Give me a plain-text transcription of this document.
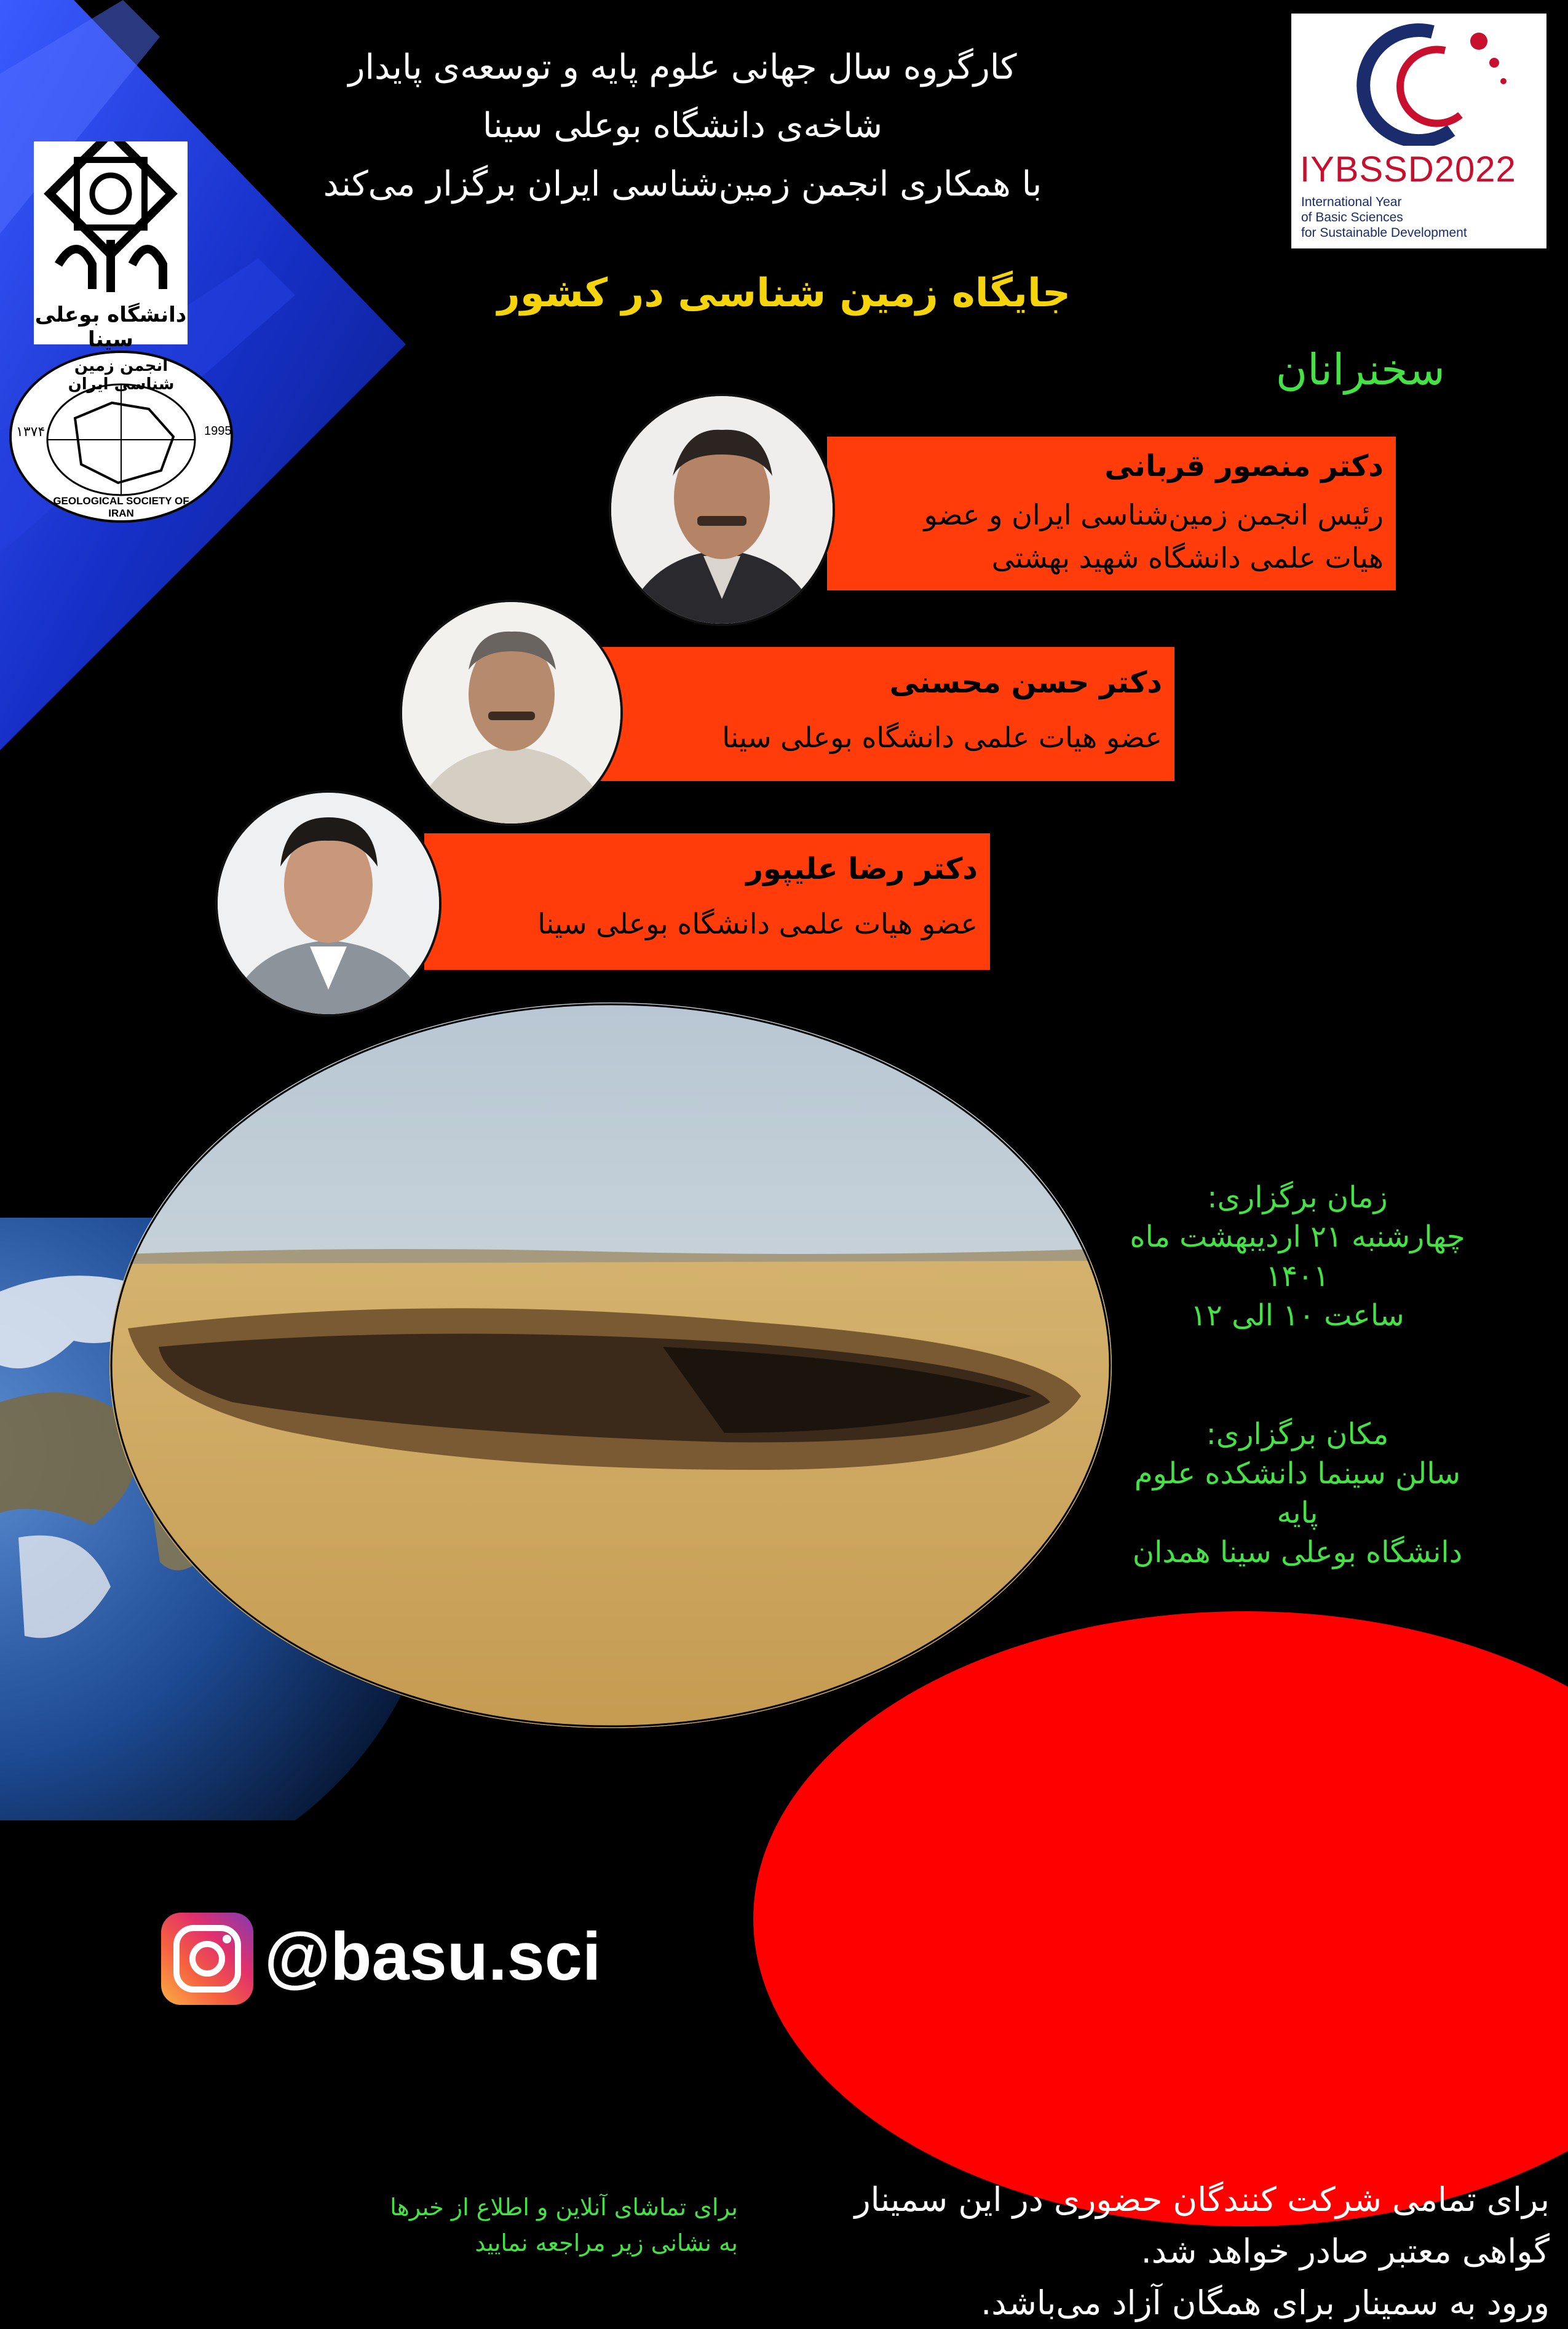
دانشگاه بوعلی سینا
انجمن زمین شناسی ایران
GEOLOGICAL SOCIETY OF IRAN
۱۳۷۴	1995
IYBSSD2022
International Year
of Basic Sciences
for Sustainable Development
کارگروه سال جهانی علوم پایه و توسعه‌ی پایدار
شاخه‌ی دانشگاه بوعلی سینا
با همکاری انجمن زمین‌شناسی ایران برگزار می‌کند
جایگاه زمین شناسی در کشور
سخنرانان
دکتر منصور قربانی
رئیس انجمن زمین‌شناسی ایران و عضو
هیات علمی دانشگاه شهید بهشتی
دکتر حسن محسنی
عضو هیات علمی دانشگاه بوعلی سینا
دکتر رضا علیپور
عضو هیات علمی دانشگاه بوعلی سینا
زمان برگزاری:
چهارشنبه ۲۱ اردیبهشت ماه ۱۴۰۱
ساعت ۱۰ الی ۱۲
مکان برگزاری:
سالن سینما دانشکده علوم پایه
دانشگاه بوعلی سینا همدان
برای تمامی شرکت کنندگان حضوری در این سمینار
گواهی معتبر صادر خواهد شد.
ورود به سمینار برای همگان آزاد می‌باشد.
برای تماشای آنلاین و اطلاع از خبرها
به نشانی زیر مراجعه نمایید
@basu.sci
